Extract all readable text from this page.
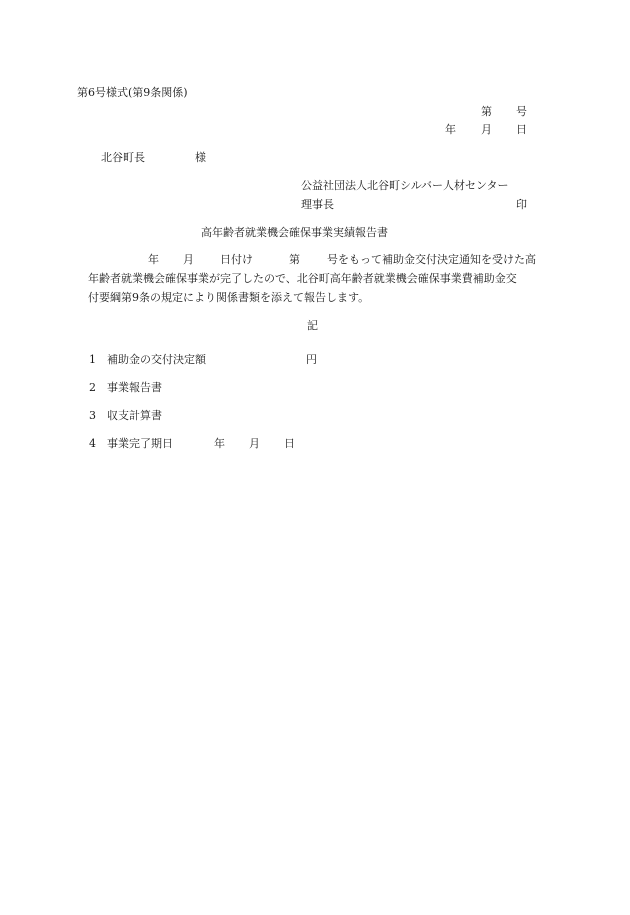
第6号様式(第9条関係)
第 号
年 月 日
北谷町長	様
公益社団法人北谷町シルバー人材センター
理事長	印
高年齢者就業機会確保事業実績報告書
年 月 日付け	第 号をもって補助金交付決定通知を受けた高
年齢者就業機会確保事業が完了したので、北谷町高年齢者就業機会確保事業費補助金交
付要綱第9条の規定により関係書類を添えて報告します。
記
1 補助金の交付決定額	円
2 事業報告書
3 収支計算書
4 事業完了期日	年 月 日
